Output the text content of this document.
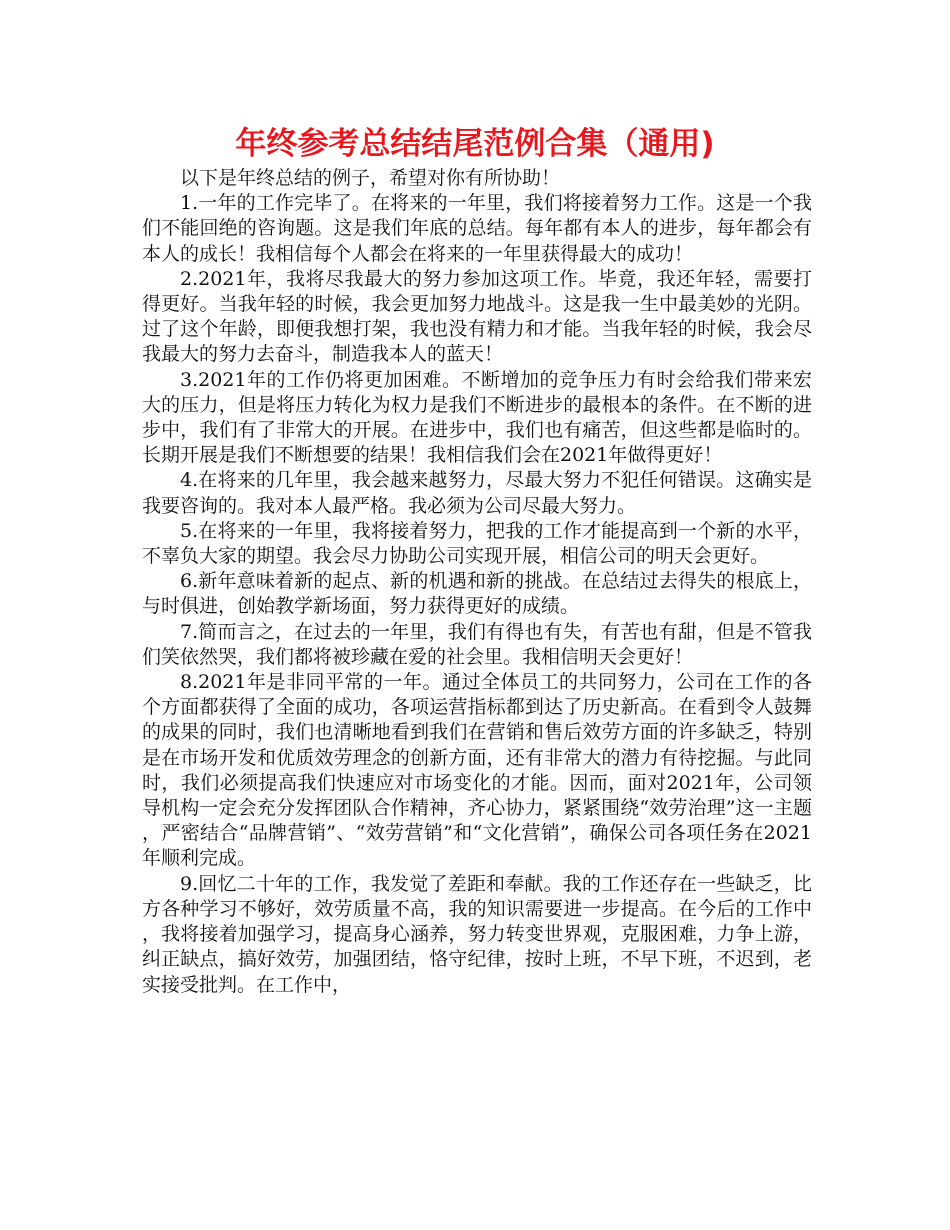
年终参考总结结尾范例合集（通用)

以下是年终总结的例子，希望对你有所协助！

1.一年的工作完毕了。在将来的一年里，我们将接着努力工作。这是一个我们不能回绝的咨询题。这是我们年底的总结。每年都有本人的进步，每年都会有本人的成长！我相信每个人都会在将来的一年里获得最大的成功！

2.2021年，我将尽我最大的努力参加这项工作。毕竟，我还年轻，需要打得更好。当我年轻的时候，我会更加努力地战斗。这是我一生中最美妙的光阴。过了这个年龄，即便我想打架，我也没有精力和才能。当我年轻的时候，我会尽我最大的努力去奋斗，制造我本人的蓝天！

3.2021年的工作仍将更加困难。不断增加的竞争压力有时会给我们带来宏大的压力，但是将压力转化为权力是我们不断进步的最根本的条件。在不断的进步中，我们有了非常大的开展。在进步中，我们也有痛苦，但这些都是临时的。长期开展是我们不断想要的结果！我相信我们会在2021年做得更好！

4.在将来的几年里，我会越来越努力，尽最大努力不犯任何错误。这确实是我要咨询的。我对本人最严格。我必须为公司尽最大努力。

5.在将来的一年里，我将接着努力，把我的工作才能提高到一个新的水平，不辜负大家的期望。我会尽力协助公司实现开展，相信公司的明天会更好。

6.新年意味着新的起点、新的机遇和新的挑战。在总结过去得失的根底上，与时俱进，创始教学新场面，努力获得更好的成绩。

7.简而言之，在过去的一年里，我们有得也有失，有苦也有甜，但是不管我们笑依然哭，我们都将被珍藏在爱的社会里。我相信明天会更好！

8.2021年是非同平常的一年。通过全体员工的共同努力，公司在工作的各个方面都获得了全面的成功，各项运营指标都到达了历史新高。在看到令人鼓舞的成果的同时，我们也清晰地看到我们在营销和售后效劳方面的许多缺乏，特别是在市场开发和优质效劳理念的创新方面，还有非常大的潜力有待挖掘。与此同时，我们必须提高我们快速应对市场变化的才能。因而，面对2021年，公司领导机构一定会充分发挥团队合作精神，齐心协力，紧紧围绕“效劳治理”这一主题，严密结合“品牌营销”、“效劳营销”和“文化营销”，确保公司各项任务在2021年顺利完成。

9.回忆二十年的工作，我发觉了差距和奉献。我的工作还存在一些缺乏，比方各种学习不够好，效劳质量不高，我的知识需要进一步提高。在今后的工作中，我将接着加强学习，提高身心涵养，努力转变世界观，克服困难，力争上游，纠正缺点，搞好效劳，加强团结，恪守纪律，按时上班，不早下班，不迟到，老实接受批判。在工作中，
